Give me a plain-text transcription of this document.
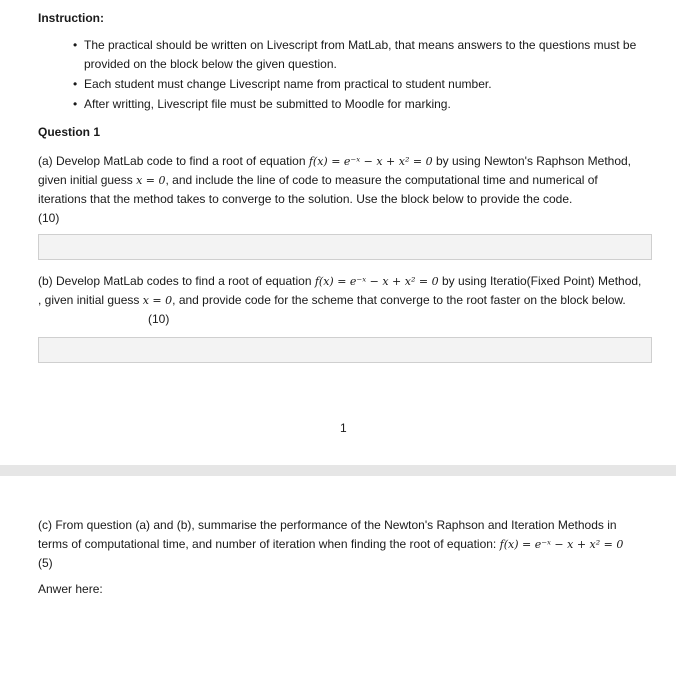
Instruction:
• The practical should be written on Livescript from MatLab, that means answers to the questions must be provided on the block below the given question.
• Each student must change Livescript name from practical to student number.
• After writting, Livescript file must be submitted to Moodle for marking.
Question 1
(a) Develop MatLab code to find a root of equation f(x) = e⁻ˣ − x + x² = 0 by using Newton's Raphson Method, given initial guess x = 0, and include the line of code to measure the computational time and numerical of iterations that the method takes to converge to the solution. Use the block below to provide the code.
(10)
(b) Develop MatLab codes to find a root of equation f(x) = e⁻ˣ − x + x² = 0 by using Iteratio(Fixed Point) Method, , given initial guess x = 0, and provide code for the scheme that converge to the root faster on the block below. (10)
1
(c) From question (a) and (b), summarise the performance of the Newton's Raphson and Iteration Methods in terms of computational time, and number of iteration when finding the root of equation: f(x) = e⁻ˣ − x + x² = 0
(5)
Anwer here:
